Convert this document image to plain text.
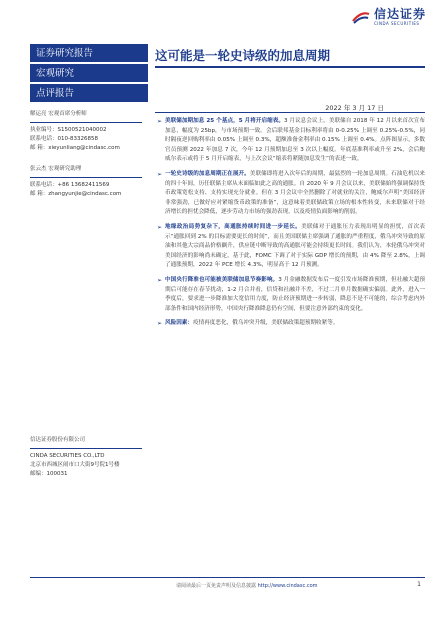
信达证券
CINDA SECURITIES
证券研究报告
宏观研究
点评报告
解运亮 宏观首席分析师
执业编号：S1500521040002
联系电话：010-83326858
邮 箱：xieyunliang@cindasc.com
张云杰 宏观研究助理
联系电话：+86 13682411569
邮 箱：zhangyunjie@cindasc.com
信达证券股份有限公司
CINDA SECURITIES CO.,LTD
北京市西城区闹市口大街9号院1号楼
邮编：100031
这可能是一轮史诗级的加息周期
2022 年 3 月 17 日
➢ 美联储加期加息 25 个基点，5 月将开启缩表。3 月议息会议上，美联储自 2018 年 12 月以来首次宣布加息，幅度为 25bp，与市场预期一致。会后联邦基金目标利率将由 0-0.25% 上调至 0.25%-0.5%，同时隔夜逆回购利率由 0.05% 上调至 0.3%，超额准备金利率由 0.15% 上调至 0.4%。点阵图显示，多数官员预测 2022 年加息 7 次，今年 12 月预期加息至 3 次以上幅度。年底基准利率或升至 2%，会后鲍威尔表示或将于 5 月开启缩表，与上次会议“缩表将紧随加息发生”的表述一致。
➢ 一轮史诗级的加息周期正在展开。美联储即将进入次年后的周期，最猛烈的一轮加息周期。石油危机以来的四十年间，历任联储主席从未面临如此之高的通胀。自 2020 年 9 月会议以来，美联储始终强调保持货币政策宽松支持、支持实现充分就业。但在 3 月会议中全然删除了对就业的关注，鲍威尔声明“美国经济非常强劲，已做好应对紧缩货币政策的准备”，这意味着美联储政策立场的根本性转变，未来联储对于经济增长的担忧会降低，逐步劳动力市场的强劲表现，以及疫情负面影响的削弱。
➢ 地缘政治局势复杂下，高通胀持续时间进一步延长。美联储对于通胀压力表现出明显的担忧，首次表示“通胀回到 2% 的目标需要更长的时间”，而且美国联储主席强调了通胀的严重程度，俄乌冲突导致的原油和其他大宗商品价格飙升，供应链中断导致的高通胀可能会持续更长时间。我们认为，本轮俄乌冲突对美国经济的影响尚未确定，基于此，FOMC 下调了对于实际 GDP 增长的预期，由 4% 降至 2.8%，上调了通胀预期，2022 年 PCE 增长 4.3%，明显高于 12 月预测。
➢ 中国央行降准也可能被美联储加息节奏影响。3 月金融数据发布后一度引发市场降准预期，但社融大超预期后可能存在春节扰动，1-2 月合并看，信贷和社融并不差，不过二月单月数据确实偏弱。此外，进入一季度后，要求进一步降准加大宽信用力度，防止经济预期进一步转弱，降息不是不可能的，综合考虑内外部条件和国内经济形势，中国央行降准降息仍有空间，但要注意外部约束的变化。
➢ 风险因素：疫情再度恶化，俄乌冲突升级，美联储政策超预期收紧等。
请阅读最后一页免责声明及信息披露 http://www.cindasc.com	1
